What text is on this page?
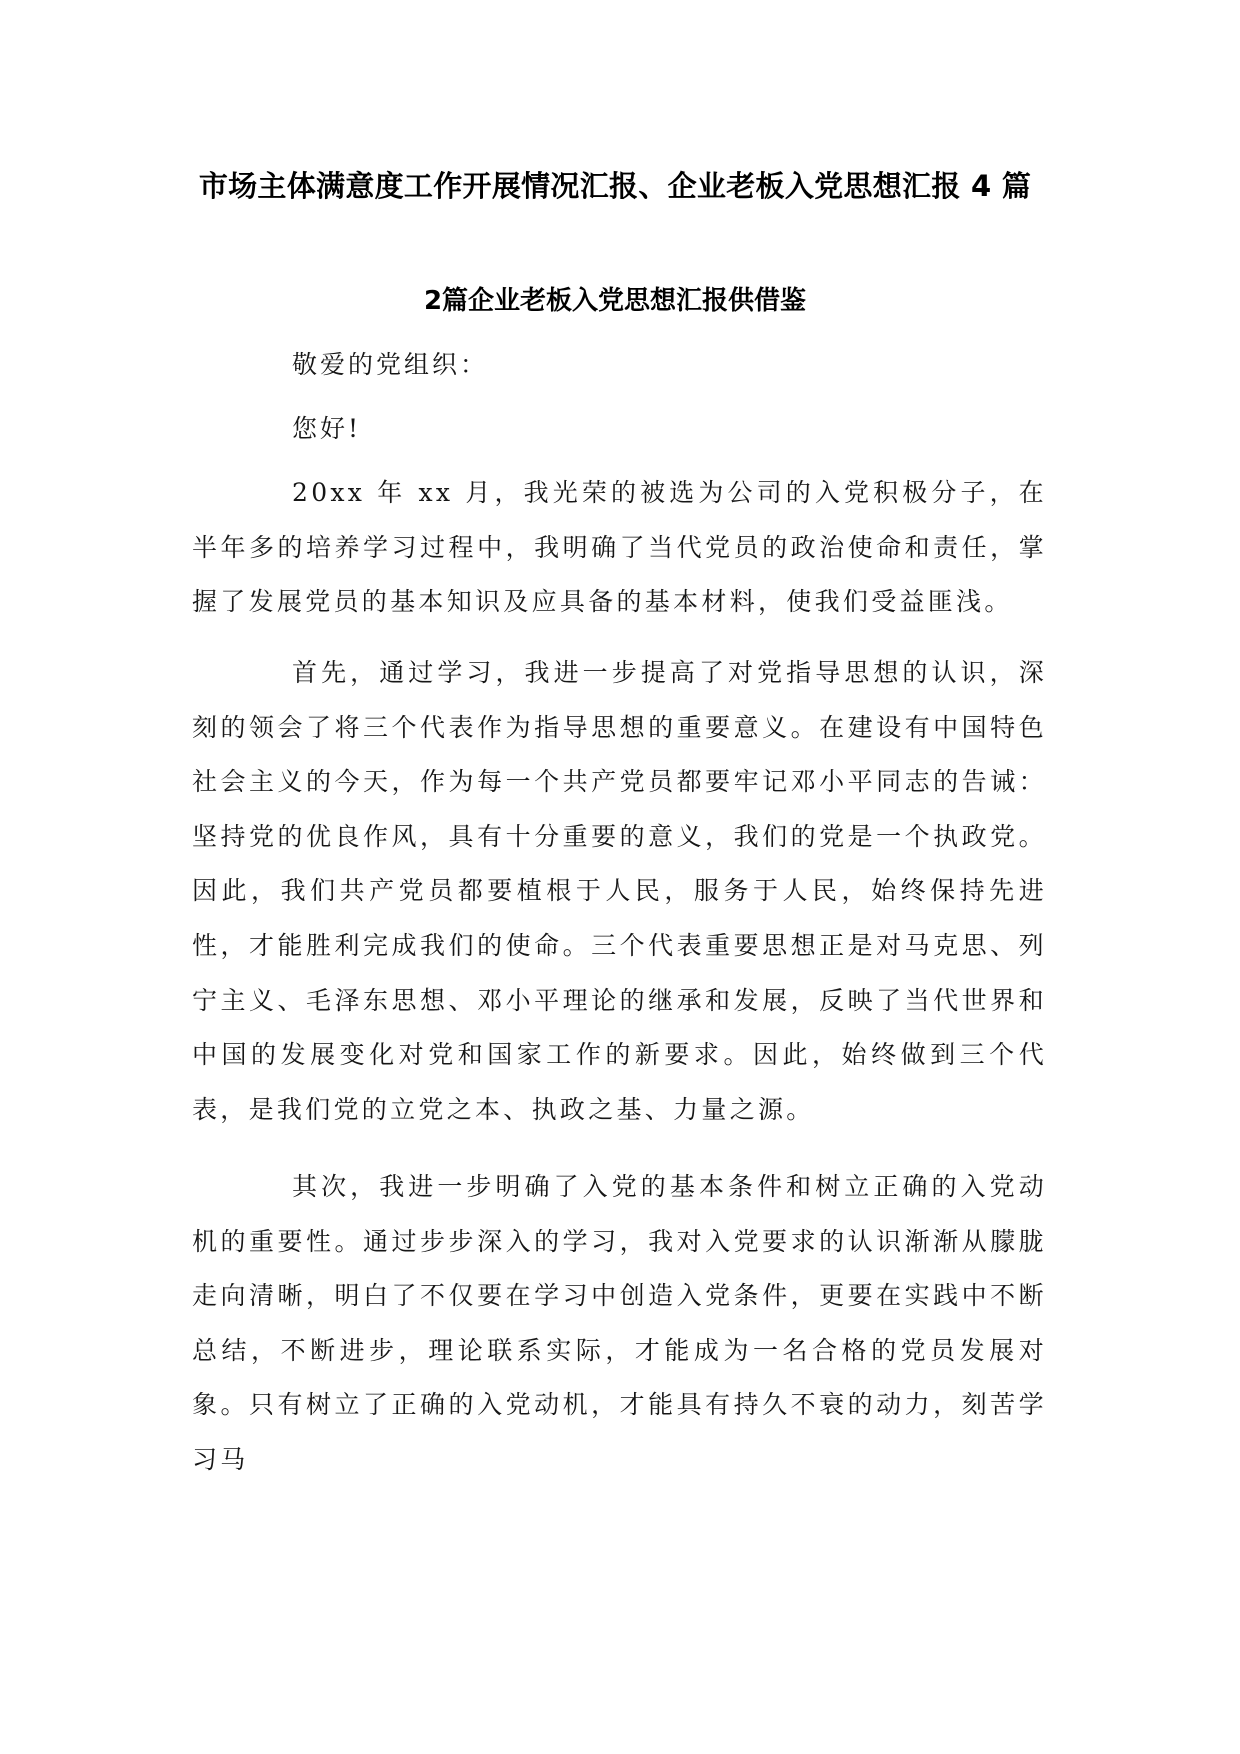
市场主体满意度工作开展情况汇报、企业老板入党思想汇报 4 篇
2篇企业老板入党思想汇报供借鉴
敬爱的党组织：
您好!

20xx 年 xx 月，我光荣的被选为公司的入党积极分子，在半年多的培养学习过程中，我明确了当代党员的政治使命和责任，掌握了发展党员的基本知识及应具备的基本材料，使我们受益匪浅。

首先，通过学习，我进一步提高了对党指导思想的认识，深刻的领会了将三个代表作为指导思想的重要意义。在建设有中国特色社会主义的今天，作为每一个共产党员都要牢记邓小平同志的告诫：坚持党的优良作风，具有十分重要的意义，我们的党是一个执政党。因此，我们共产党员都要植根于人民，服务于人民，始终保持先进性，才能胜利完成我们的使命。三个代表重要思想正是对马克思、列宁主义、毛泽东思想、邓小平理论的继承和发展，反映了当代世界和中国的发展变化对党和国家工作的新要求。因此，始终做到三个代表，是我们党的立党之本、执政之基、力量之源。

其次，我进一步明确了入党的基本条件和树立正确的入党动机的重要性。通过步步深入的学习，我对入党要求的认识渐渐从朦胧走向清晰，明白了不仅要在学习中创造入党条件，更要在实践中不断总结，不断进步，理论联系实际，才能成为一名合格的党员发展对象。只有树立了正确的入党动机，才能具有持久不衰的动力，刻苦学习马
